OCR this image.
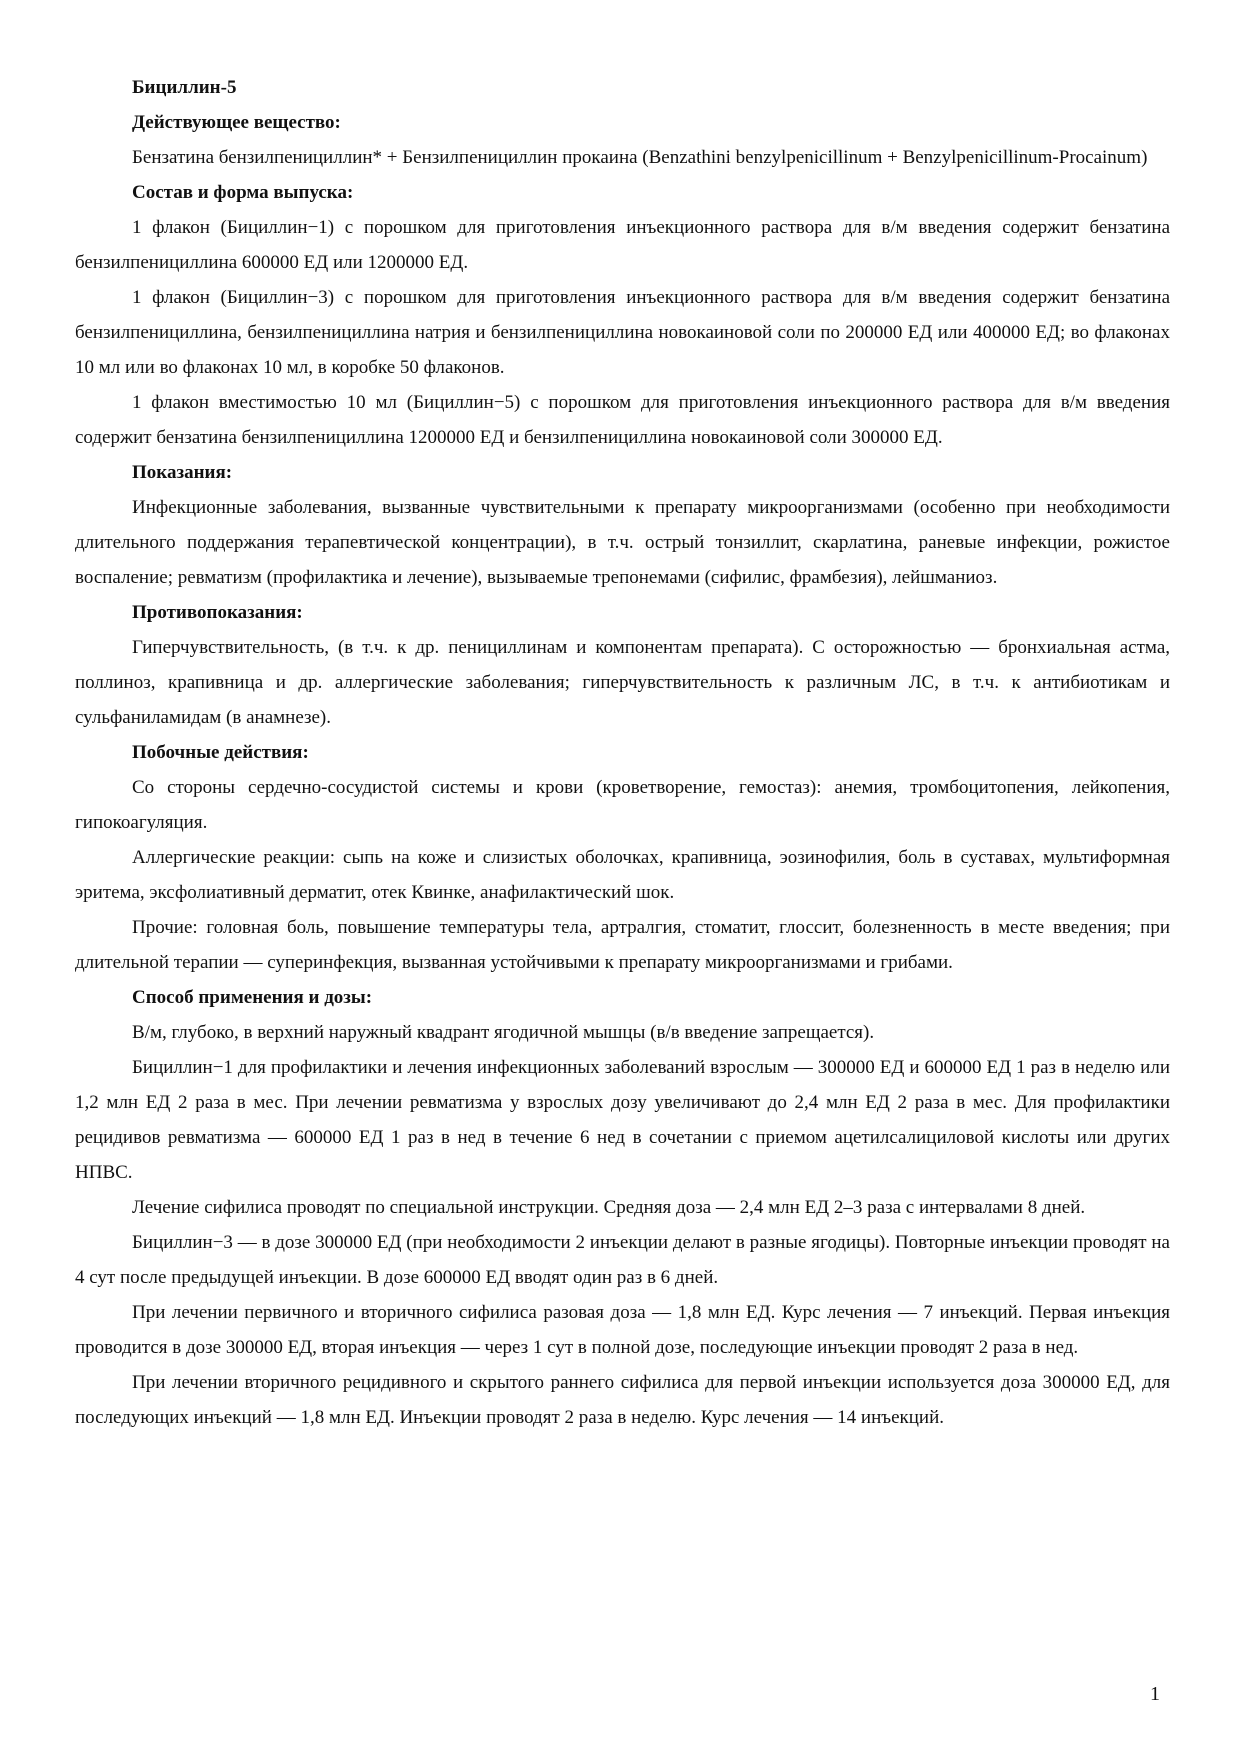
Бициллин-5

Действующее вещество:

Бензатина бензилпенициллин* + Бензилпенициллин прокаина (Benzathini benzylpenicillinum + Benzylpenicillinum-Procainum)

Состав и форма выпуска:

1 флакон (Бициллин−1) с порошком для приготовления инъекционного раствора для в/м введения содержит бензатина бензилпенициллина 600000 ЕД или 1200000 ЕД.

1 флакон (Бициллин−3) с порошком для приготовления инъекционного раствора для в/м введения содержит бензатина бензилпенициллина, бензилпенициллина натрия и бензилпенициллина новокаиновой соли по 200000 ЕД или 400000 ЕД; во флаконах 10 мл или во флаконах 10 мл, в коробке 50 флаконов.

1 флакон вместимостью 10 мл (Бициллин−5) с порошком для приготовления инъекционного раствора для в/м введения содержит бензатина бензилпенициллина 1200000 ЕД и бензилпенициллина новокаиновой соли 300000 ЕД.

Показания:

Инфекционные заболевания, вызванные чувствительными к препарату микроорганизмами (особенно при необходимости длительного поддержания терапевтической концентрации), в т.ч. острый тонзиллит, скарлатина, раневые инфекции, рожистое воспаление; ревматизм (профилактика и лечение), вызываемые трепонемами (сифилис, фрамбезия), лейшманиоз.

Противопоказания:

Гиперчувствительность, (в т.ч. к др. пенициллинам и компонентам препарата). С осторожностью — бронхиальная астма, поллиноз, крапивница и др. аллергические заболевания; гиперчувствительность к различным ЛС, в т.ч. к антибиотикам и сульфаниламидам (в анамнезе).

Побочные действия:

Со стороны сердечно-сосудистой системы и крови (кроветворение, гемостаз): анемия, тромбоцитопения, лейкопения, гипокоагуляция.

Аллергические реакции: сыпь на коже и слизистых оболочках, крапивница, эозинофилия, боль в суставах, мультиформная эритема, эксфолиативный дерматит, отек Квинке, анафилактический шок.

Прочие: головная боль, повышение температуры тела, артралгия, стоматит, глоссит, болезненность в месте введения; при длительной терапии — суперинфекция, вызванная устойчивыми к препарату микроорганизмами и грибами.

Способ применения и дозы:

В/м, глубоко, в верхний наружный квадрант ягодичной мышцы (в/в введение запрещается).

Бициллин−1 для профилактики и лечения инфекционных заболеваний взрослым — 300000 ЕД и 600000 ЕД 1 раз в неделю или 1,2 млн ЕД 2 раза в мес. При лечении ревматизма у взрослых дозу увеличивают до 2,4 млн ЕД 2 раза в мес. Для профилактики рецидивов ревматизма — 600000 ЕД 1 раз в нед в течение 6 нед в сочетании с приемом ацетилсалициловой кислоты или других НПВС.

Лечение сифилиса проводят по специальной инструкции. Средняя доза — 2,4 млн ЕД 2–3 раза с интервалами 8 дней.

Бициллин−3 — в дозе 300000 ЕД (при необходимости 2 инъекции делают в разные ягодицы). Повторные инъекции проводят на 4 сут после предыдущей инъекции. В дозе 600000 ЕД вводят один раз в 6 дней.

При лечении первичного и вторичного сифилиса разовая доза — 1,8 млн ЕД. Курс лечения — 7 инъекций. Первая инъекция проводится в дозе 300000 ЕД, вторая инъекция — через 1 сут в полной дозе, последующие инъекции проводят 2 раза в нед.

При лечении вторичного рецидивного и скрытого раннего сифилиса для первой инъекции используется доза 300000 ЕД, для последующих инъекций — 1,8 млн ЕД. Инъекции проводят 2 раза в неделю. Курс лечения — 14 инъекций.

1
